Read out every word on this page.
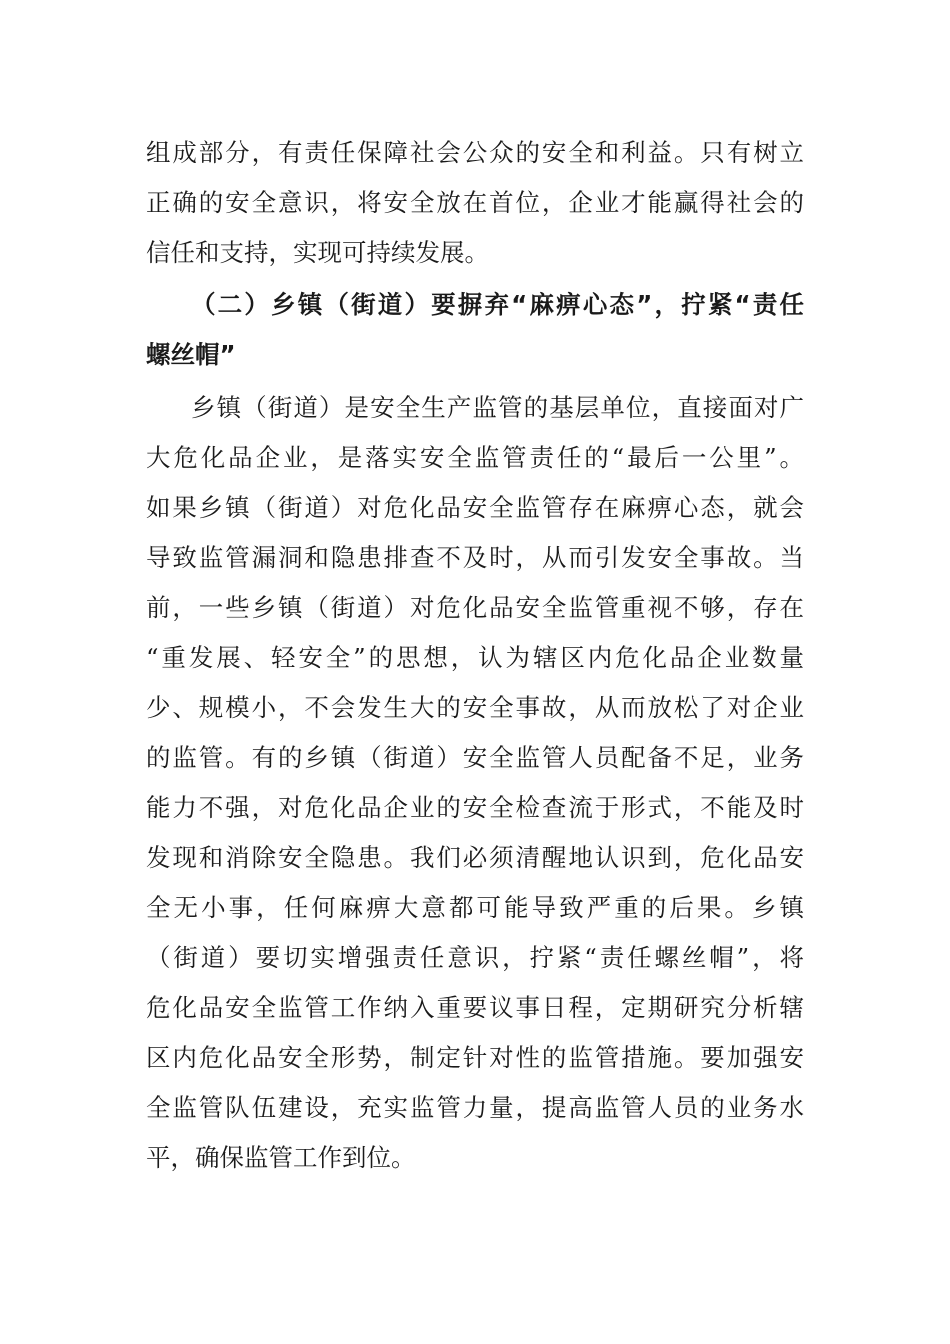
组成部分，有责任保障社会公众的安全和利益。只有树立
正确的安全意识，将安全放在首位，企业才能赢得社会的
信任和支持，实现可持续发展。
（二）乡镇（街道）要摒弃“麻痹心态”，拧紧“责任
螺丝帽”
乡镇（街道）是安全生产监管的基层单位，直接面对广
大危化品企业，是落实安全监管责任的“最后一公里”。
如果乡镇（街道）对危化品安全监管存在麻痹心态，就会
导致监管漏洞和隐患排查不及时，从而引发安全事故。当
前，一些乡镇（街道）对危化品安全监管重视不够，存在
“重发展、轻安全”的思想，认为辖区内危化品企业数量
少、规模小，不会发生大的安全事故，从而放松了对企业
的监管。有的乡镇（街道）安全监管人员配备不足，业务
能力不强，对危化品企业的安全检查流于形式，不能及时
发现和消除安全隐患。我们必须清醒地认识到，危化品安
全无小事，任何麻痹大意都可能导致严重的后果。乡镇
（街道）要切实增强责任意识，拧紧“责任螺丝帽”，将
危化品安全监管工作纳入重要议事日程，定期研究分析辖
区内危化品安全形势，制定针对性的监管措施。要加强安
全监管队伍建设，充实监管力量，提高监管人员的业务水
平，确保监管工作到位。
